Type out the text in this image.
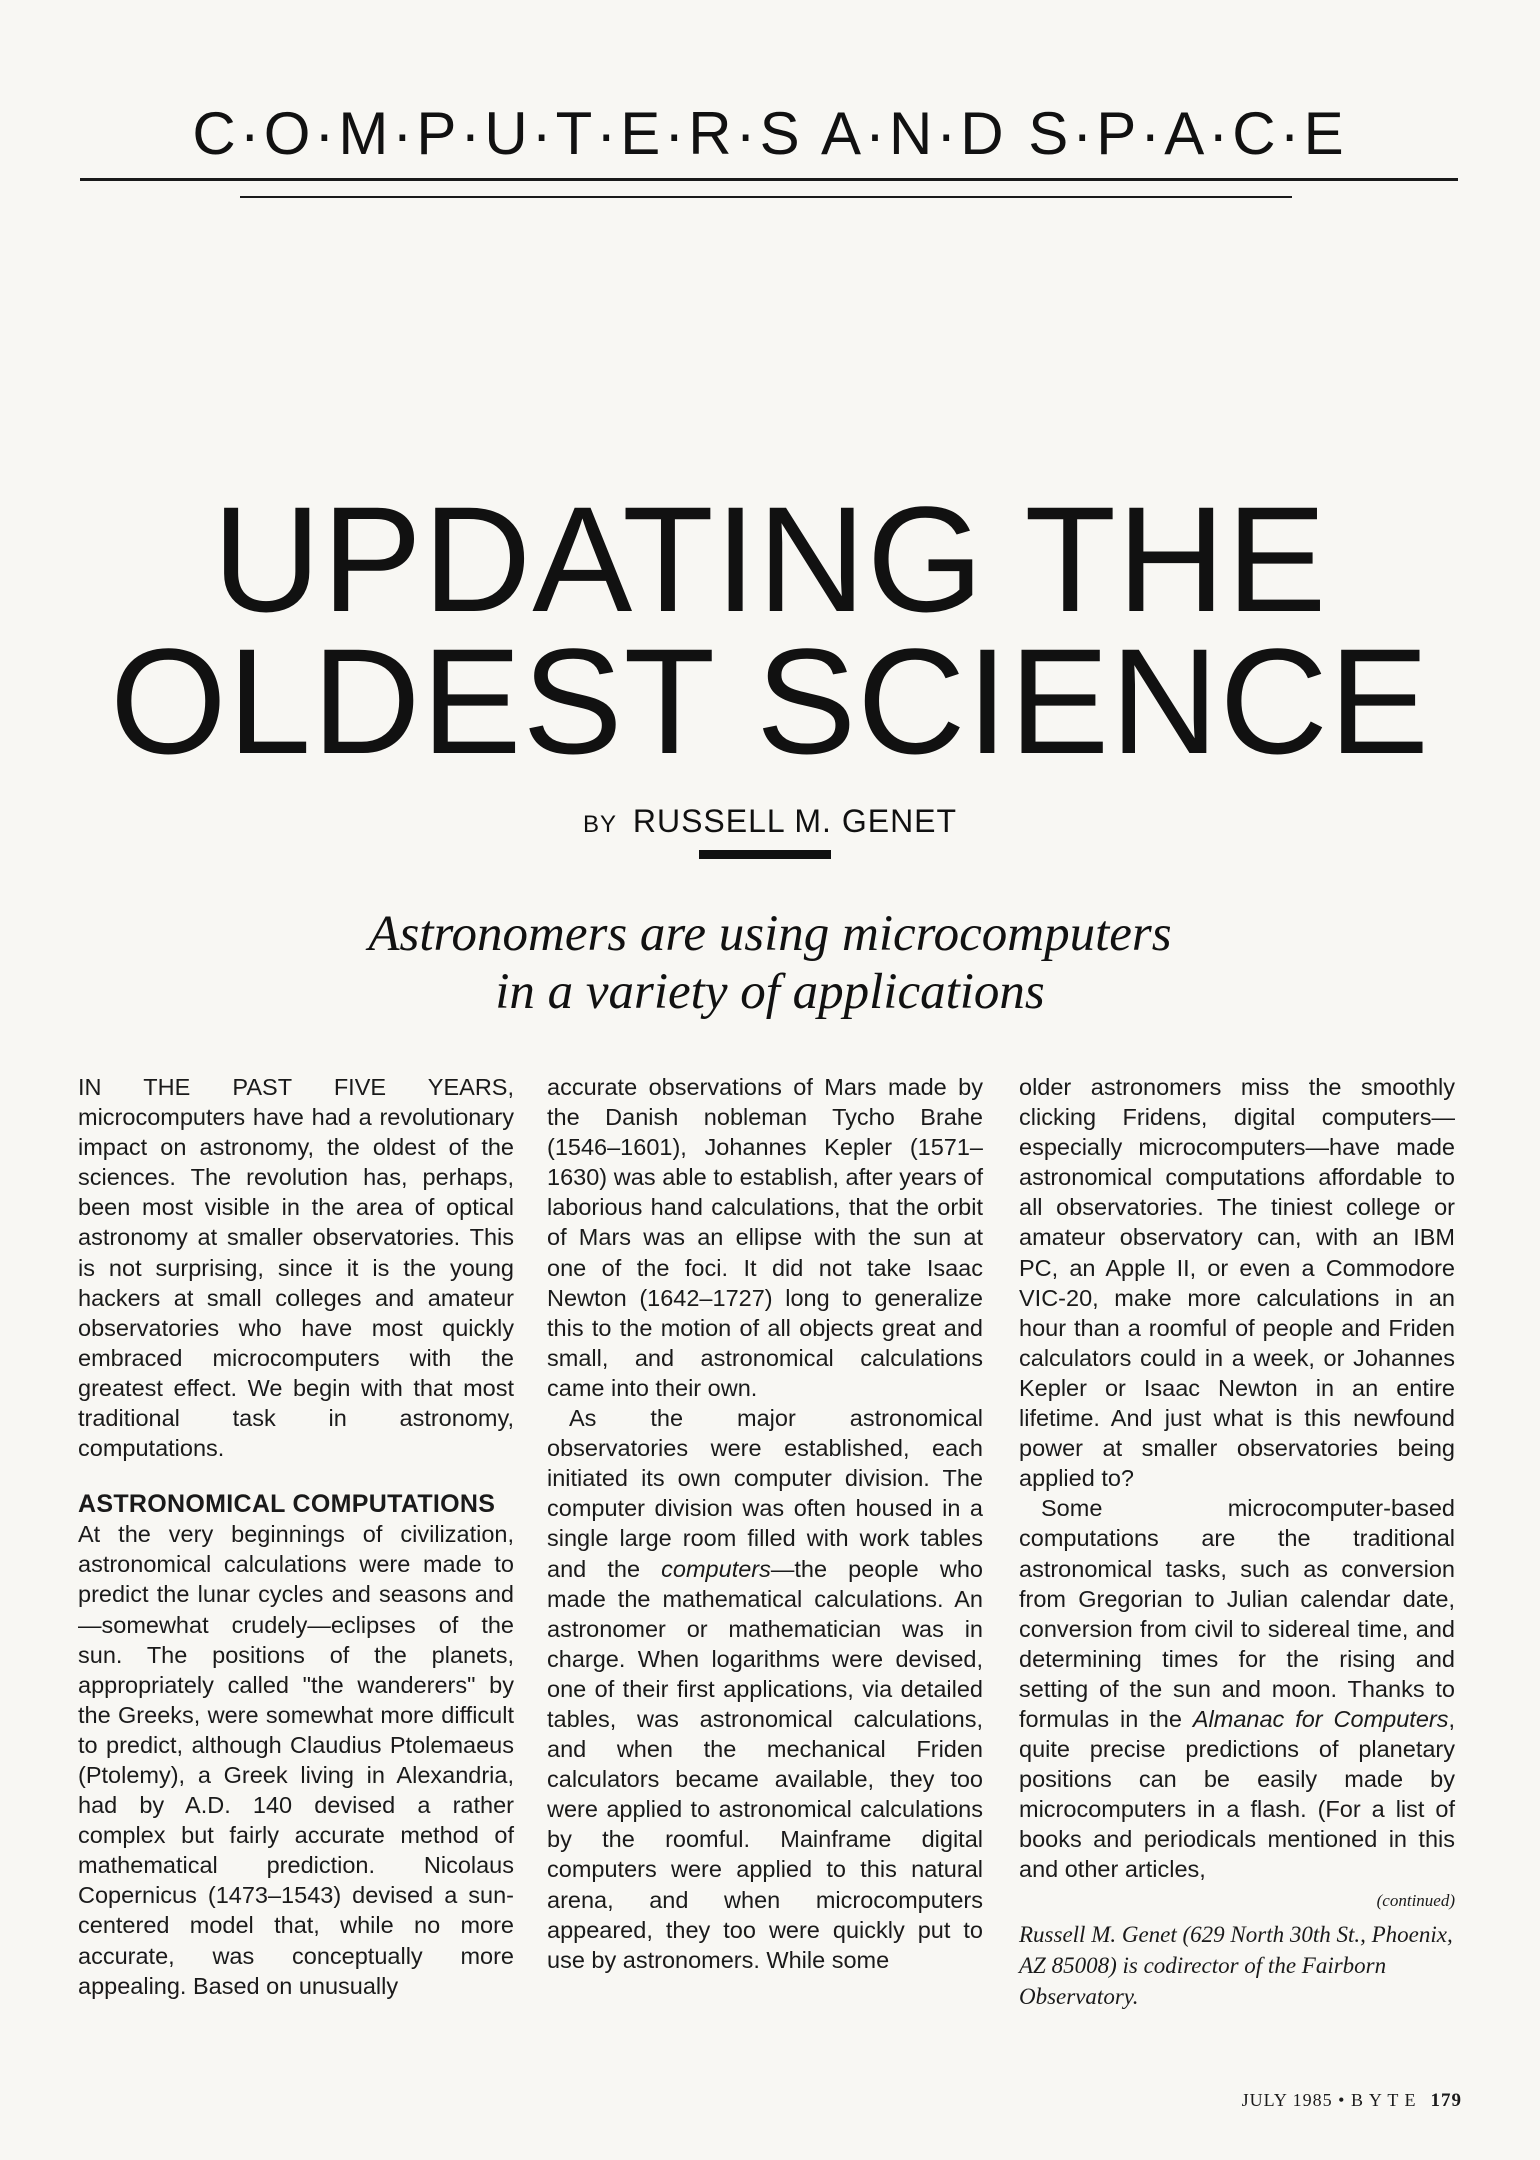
C·O·M·P·U·T·E·R·S A·N·D S·P·A·C·E
UPDATING THE
OLDEST SCIENCE
BY RUSSELL M. GENET
Astronomers are using microcomputers
in a variety of applications

IN THE PAST FIVE YEARS, microcomputers have had a revolutionary impact on astronomy, the oldest of the sciences. The revolution has, perhaps, been most visible in the area of optical astronomy at smaller observatories. This is not surprising, since it is the young hackers at small colleges and amateur observatories who have most quickly embraced microcomputers with the greatest effect. We begin with that most traditional task in astronomy, computations.

ASTRONOMICAL COMPUTATIONS

At the very beginnings of civilization, astronomical calculations were made to predict the lunar cycles and seasons and—somewhat crudely—eclipses of the sun. The positions of the planets, appropriately called "the wanderers" by the Greeks, were somewhat more difficult to predict, although Claudius Ptolemaeus (Ptolemy), a Greek living in Alexandria, had by A.D. 140 devised a rather complex but fairly accurate method of mathematical prediction. Nicolaus Copernicus (1473–1543) devised a sun-centered model that, while no more accurate, was conceptually more appealing. Based on unusually

accurate observations of Mars made by the Danish nobleman Tycho Brahe (1546–1601), Johannes Kepler (1571–1630) was able to establish, after years of laborious hand calculations, that the orbit of Mars was an ellipse with the sun at one of the foci. It did not take Isaac Newton (1642–1727) long to generalize this to the motion of all objects great and small, and astronomical calculations came into their own.

As the major astronomical observatories were established, each initiated its own computer division. The computer division was often housed in a single large room filled with work tables and the computers—the people who made the mathematical calculations. An astronomer or mathematician was in charge. When logarithms were devised, one of their first applications, via detailed tables, was astronomical calculations, and when the mechanical Friden calculators became available, they too were applied to astronomical calculations by the roomful. Mainframe digital computers were applied to this natural arena, and when microcomputers appeared, they too were quickly put to use by astronomers. While some

older astronomers miss the smoothly clicking Fridens, digital computers—especially microcomputers—have made astronomical computations affordable to all observatories. The tiniest college or amateur observatory can, with an IBM PC, an Apple II, or even a Commodore VIC-20, make more calculations in an hour than a roomful of people and Friden calculators could in a week, or Johannes Kepler or Isaac Newton in an entire lifetime. And just what is this newfound power at smaller observatories being applied to?

Some microcomputer-based computations are the traditional astronomical tasks, such as conversion from Gregorian to Julian calendar date, conversion from civil to sidereal time, and determining times for the rising and setting of the sun and moon. Thanks to formulas in the Almanac for Computers, quite precise predictions of planetary positions can be easily made by microcomputers in a flash. (For a list of books and periodicals mentioned in this and other articles,

(continued)
Russell M. Genet (629 North 30th St., Phoenix, AZ 85008) is codirector of the Fairborn Observatory.
JULY 1985 • B Y T E 179
